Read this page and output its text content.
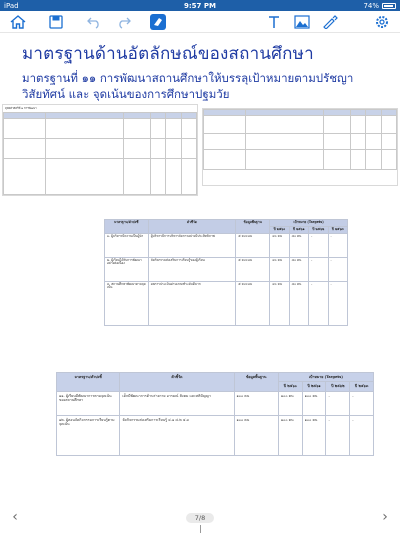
iPad	9:57 PM	74%
มาตรฐานด้านอัตลักษณ์ของสถานศึกษา
มาตรฐานที่ ๑๑ การพัฒนาสถานศึกษาให้บรรลุเป้าหมายตามปรัชญา
วิสัยทัศน์ และ จุดเน้นของการศึกษาปฐมวัย
ยุทธศาสตร์ที่ ๑ การพัฒนา

มาตรฐาน/ตัวบ่งชี้	ตัวชี้วัด	ข้อมูลพื้นฐาน	เป้าหมาย (Targets)			
			ปี ๒๕๖๐	ปี ๒๕๖๑	ปี ๒๕๖๒	ปี ๒๕๖๓
๑. ผู้บริหารมีความเป็นผู้นำ	ผู้บริหารมีการบริหารจัดการอย่างมีประสิทธิภาพ	๕ คะแนน	๔๐ คน	๔๐ คน	-	-
๒. ผู้เรียนได้รับการพัฒนาอย่างต่อเนื่อง	จัดกิจกรรมส่งเสริมการเรียนรู้ของผู้เรียน	๕ คะแนน	๔๐ คน	๔๐ คน	-	-
๓. สถานศึกษาพัฒนาตามจุดเน้น	ผลการประเมินผ่านเกณฑ์ระดับดีมาก	๕ คะแนน	๔๐ คน	๔๐ คน	-	-
มาตรฐาน/ตัวบ่งชี้	ตัวชี้วัด	ข้อมูลพื้นฐาน	เป้าหมาย (Targets)			
			ปี ๒๕๖๐	ปี ๒๕๖๑	ปี ๒๕๖๒	ปี ๒๕๖๓
๑๑. ผู้เรียนมีพัฒนาการตามจุดเน้นของสถานศึกษา	เด็กมีพัฒนาการด้านร่างกาย อารมณ์ สังคม และสติปัญญา	๑๐๐ คน	๑๐๐ คน	๑๐๐ คน	-	-
๑๒. ผู้สอนจัดกิจกรรมการเรียนรู้ตามจุดเน้น	จัดกิจกรรมส่งเสริมการเรียนรู้ ๔.๑ ๔.๒ ๔.๓	๑๐๐ คน	๑๐๐ คน	๑๐๐ คน	-	-
‹	›
7/8
